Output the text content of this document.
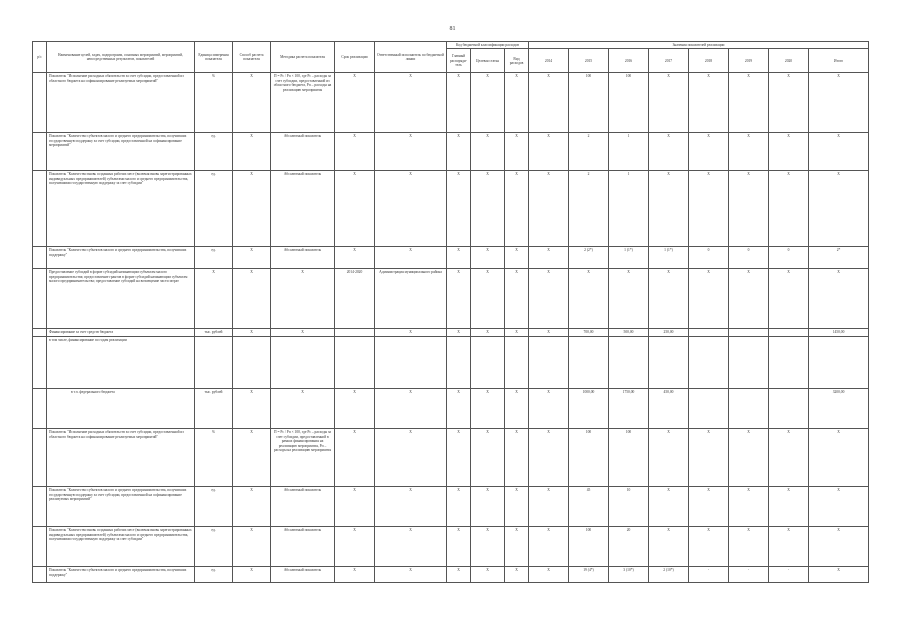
81
р/с	Наименование целей, задач, подпрограмм, основных мероприятий, мероприятий, непосредственных результатов, показателей	Единица измерения показателя	Способ расчета показателя	Методика расчета показателя	Срок реализации	Ответственный исполнитель по бюджетной линии	Код бюджетной классификации расходов			Значения показателей реализации							
							Главный распоряди-тель	Целевая статья	Вид расходов	2014	2015	2016	2017	2018	2019	2020	Итого
	Показатель "Исполнение расходных обязательств за счет субсидии, предоставленной из областного бюджета на софинансирование реализуемых мероприятий"	%	X	П = Рс / Рп × 100, где Рс – расходы за счет субсидии, предоставленной из областного бюджета, Рп – расходы на реализацию мероприятия	X	X	X	X	X	X	100	100	X	X	X	X	X
	Показатель "Количество субъектов малого и среднего предпринимательства, получивших государственную поддержку за счет субсидии, предоставленной на софинансирование мероприятий"	ед.	X	Абсолютный показатель	X	X	X	X	X	X	2	1	X	X	X	X	X
	Показатель "Количество вновь созданных рабочих мест (включая вновь зарегистрированных индивидуальных предпринимателей) субъектами малого и среднего предпринимательства, получившими государственную поддержку за счет субсидии"	ед.	X	Абсолютный показатель	X	X	X	X	X	X	2	1	X	X	X	X	X
	Показатель "Количество субъектов малого и среднего предпринимательства, получивших поддержку"	ед.	X	Абсолютный показатель	X	X	X	X	X	X	2 (2*)	1 (1*)	1 (1*)	0	0	0	2*
	Предоставление субсидий в форме субсидий начинающим субъектам малого предпринимательства; предоставление грантов в форме субсидий начинающим субъектам малого предпринимательства; предоставление субсидий на возмещение части затрат	X	X	X	2014-2020	Администрация муниципального района	X	X	X	X	X	X	X	X	X	X	X
	Финансирование за счет средств бюджета	тыс. рублей	X	X		X	X	X	X	X	700,00	500,00	250,00				1450,00
	в том числе, финансирование по годам реализации																
	в т.ч. федерального бюджета	тыс. рублей	X	X	X	X	X	X	X	X	1000,00	1750,00	450,00				3200,00
	Показатель "Исполнение расходных обязательств за счет субсидии, предоставленной из областного бюджета на софинансирование реализуемых мероприятий"	%	X	П = Рс / Рп × 100, где Рс – расходы за счет субсидии, предоставленной в рамках финансирования на реализацию мероприятия, Рп – расходы на реализацию мероприятия	X	X	X	X	X	X	100	100	X	X	X	X	X
	Показатель "Количество субъектов малого и среднего предпринимательства, получивших государственную поддержку за счет субсидии, предоставленной на софинансирование реализуемых мероприятий"	ед.	X	Абсолютный показатель	X	X	X	X	X	X	45	10	X	X	X	X	X
	Показатель "Количество вновь созданных рабочих мест (включая вновь зарегистрированных индивидуальных предпринимателей) субъектами малого и среднего предпринимательства, получившими государственную поддержку за счет субсидии"	ед.	X	Абсолютный показатель	X	X	X	X	X	X	100	20	X	X	X	X	X
	Показатель "Количество субъектов малого и среднего предпринимательства, получивших поддержку"	ед.	X	Абсолютный показатель	X	X	X	X	X	X	19 (4*)	3 (10*)	2 (10*)	-	-	-	X
